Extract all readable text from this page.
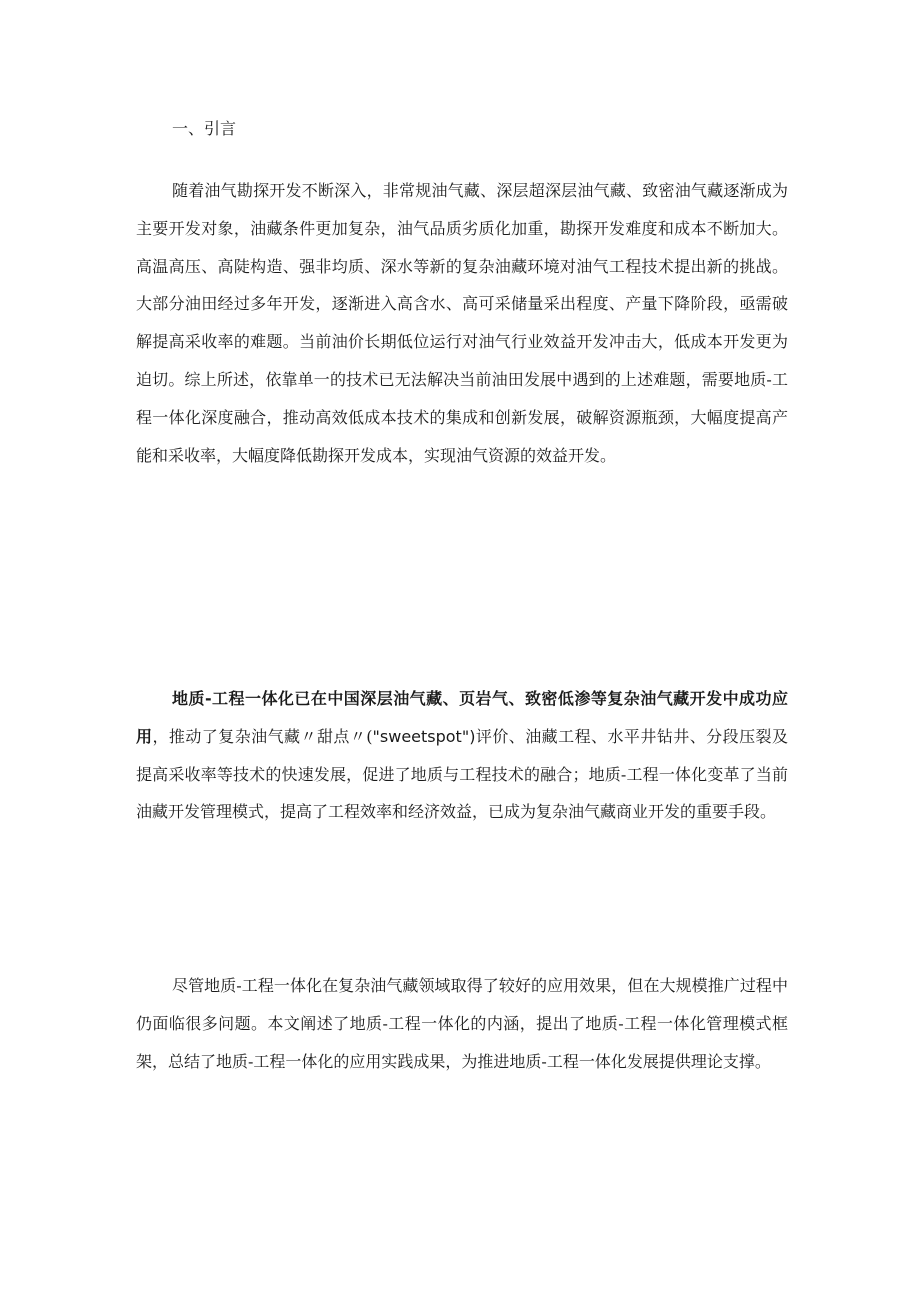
一、引言

随着油气勘探开发不断深入，非常规油气藏、深层超深层油气藏、致密油气藏逐渐成为主要开发对象，油藏条件更加复杂，油气品质劣质化加重，勘探开发难度和成本不断加大。高温高压、高陡构造、强非均质、深水等新的复杂油藏环境对油气工程技术提出新的挑战。大部分油田经过多年开发，逐渐进入高含水、高可采储量采出程度、产量下降阶段，亟需破解提高采收率的难题。当前油价长期低位运行对油气行业效益开发冲击大，低成本开发更为迫切。综上所述，依靠单一的技术已无法解决当前油田发展中遇到的上述难题，需要地质-工程一体化深度融合，推动高效低成本技术的集成和创新发展，破解资源瓶颈，大幅度提高产能和采收率，大幅度降低勘探开发成本，实现油气资源的效益开发。

地质-工程一体化已在中国深层油气藏、页岩气、致密低渗等复杂油气藏开发中成功应用，推动了复杂油气藏〃甜点〃("sweetspot")评价、油藏工程、水平井钻井、分段压裂及提高采收率等技术的快速发展，促进了地质与工程技术的融合；地质-工程一体化变革了当前油藏开发管理模式，提高了工程效率和经济效益，已成为复杂油气藏商业开发的重要手段。

尽管地质-工程一体化在复杂油气藏领域取得了较好的应用效果，但在大规模推广过程中仍面临很多问题。本文阐述了地质-工程一体化的内涵，提出了地质-工程一体化管理模式框架，总结了地质-工程一体化的应用实践成果，为推进地质-工程一体化发展提供理论支撑。
